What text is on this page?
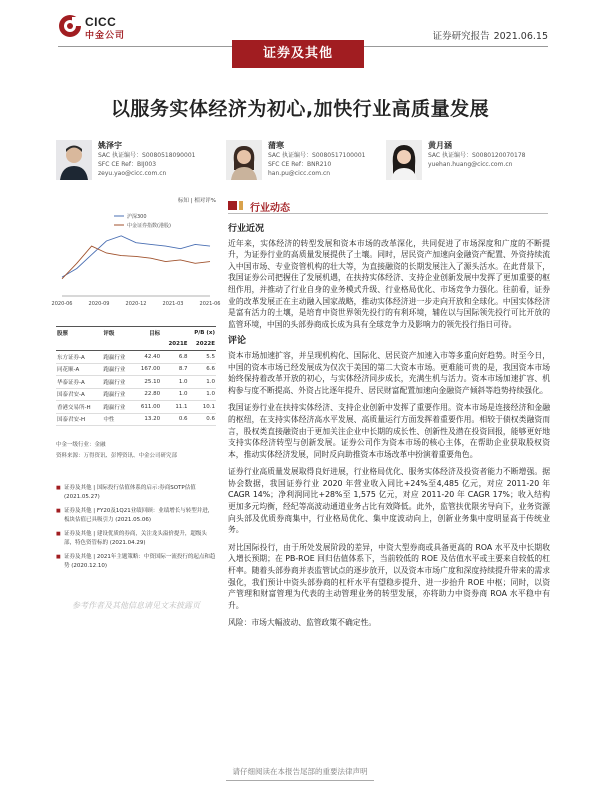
CICC
中金公司	证券研究报告 2021.06.15
证券及其他
以服务实体经济为初心,加快行业高质量发展
姚泽宇
SAC 执证编号：S0080518090001
SFC CE Ref：BIJ003
zeyu.yao@cicc.com.cn
蒲寒
SAC 执证编号：S0080517100001
SFC CE Ref：BNR210
han.pu@cicc.com.cn
黄月涵
SAC 执证编号：S0080120070178
yuehan.huang@cicc.com.cn
标知 | 相对评%
沪深300
中金证券指数(港股)
2020-06	2020-09	2020-12	2021-03	2021-06
股票	评级	目标	P/B (x)	
			2021E	2022E
东方证券-A	跑赢行业	42.40	6.8	5.5
同花顺-A	跑赢行业	167.00	8.7	6.6
华泰证券-A	跑赢行业	25.10	1.0	1.0
国泰君安-A	跑赢行业	22.80	1.0	1.0
香港交易所-H	跑赢行业	611.00	11.1	10.1
国泰君安-H	中性	13.20	0.6	0.6
中金一级行业：金融
资料来源：万得资讯、彭博资讯、中金公司研究部
■ 证券及其他 | 国际投行估值体系的启示:券商SOTP估值 (2021.05.27)
■ 证券及其他 | FY20及1Q21业绩回顾：业绩增长与转型并进，板块估值已具吸引力 (2021.05.06)
■ 证券及其他 | 建设优质的券商，关注龙头溢价提升，超级头部，特色资管标的 (2021.04.29)
■ 证券及其他 | 2021年主题策略：中资国际一流投行的起点和趋势 (2020.12.10)
参考作者及其他信息请见文末披露页
行业动态
行业近况
近年来，实体经济的转型发展和资本市场的改革深化，共同促进了市场深度和广度的不断提升，为证券行业的高质量发展提供了土壤。同时，居民资产加速向金融资产配置、外资持续流入中国市场、专业资管机构的壮大等，为直接融资的长期发展注入了源头活水。在此背景下，我国证券公司把握住了发展机遇，在扶持实体经济、支持企业创新发展中发挥了更加重要的枢纽作用，并推动了行业自身的业务模式升级、行业格局优化、市场竞争力强化。往前看，证券业的改革发展正在主动融入国家战略，推动实体经济进一步走向开放和全球化。中国实体经济是富有活力的土壤，是培育中资世界领先投行的有利环境，辅佐以与国际领先投行可比开放的监管环境，中国的头部券商成长成为具有全球竞争力及影响力的领先投行指日可待。
评论
资本市场加速扩容，并呈现机构化、国际化、居民资产加速入市等多重向好趋势。时至今日，中国的资本市场已经发展成为仅次于美国的第二大资本市场。更难能可贵的是，我国资本市场始终保持着改革开放的初心，与实体经济同步成长，充满生机与活力。资本市场加速扩容、机构参与度不断提高、外资占比逐年提升、居民财富配置加速向金融资产倾斜等趋势持续强化。
我国证券行业在扶持实体经济、支持企业创新中发挥了重要作用。资本市场是连接经济和金融的枢纽，在支持实体经济高水平发展、高质量运行方面发挥着重要作用。相较于债权类融资而言，股权类直接融资由于更加关注企业中长期的成长性、创新性及潜在投资回报，能够更好地支持实体经济转型与创新发展。证券公司作为资本市场的核心主体，在帮助企业获取股权资本，推动实体经济发展，同时反向助推资本市场改革中扮演着重要角色。
证券行业高质量发展取得良好进展，行业格局优化、服务实体经济及投资者能力不断增强。据协会数据，我国证券行业 2020 年营业收入同比+24%至4,485 亿元，对应 2011-20 年 CAGR 14%；净利润同比+28%至 1,575 亿元，对应 2011-20 年 CAGR 17%；收入结构更加多元均衡，经纪等高波动通道业务占比有效降低。此外，监管扶优限劣导向下，业务资源向头部及优质券商集中，行业格局优化、集中度波动向上，创新业务集中度明显高于传统业务。
对比国际投行，由于所处发展阶段的差异，中资大型券商或具备更高的 ROA 水平及中长期收入增长预期；在 PB-ROE 回归估值体系下，当前较低的 ROE 及估值水平或主要来自较低的杠杆率。随着头部券商并表监管试点的逐步放开，以及资本市场广度和深度持续提升带来的需求强化，我们预计中资头部券商的杠杆水平有望稳步提升、进一步抬升 ROE 中枢；同时，以资产管理和财富管理为代表的主动管理业务的转型发展，亦将助力中资券商 ROA 水平稳中有升。
风险：市场大幅波动、监管政策不确定性。
请仔细阅读在本报告尾部的重要法律声明
